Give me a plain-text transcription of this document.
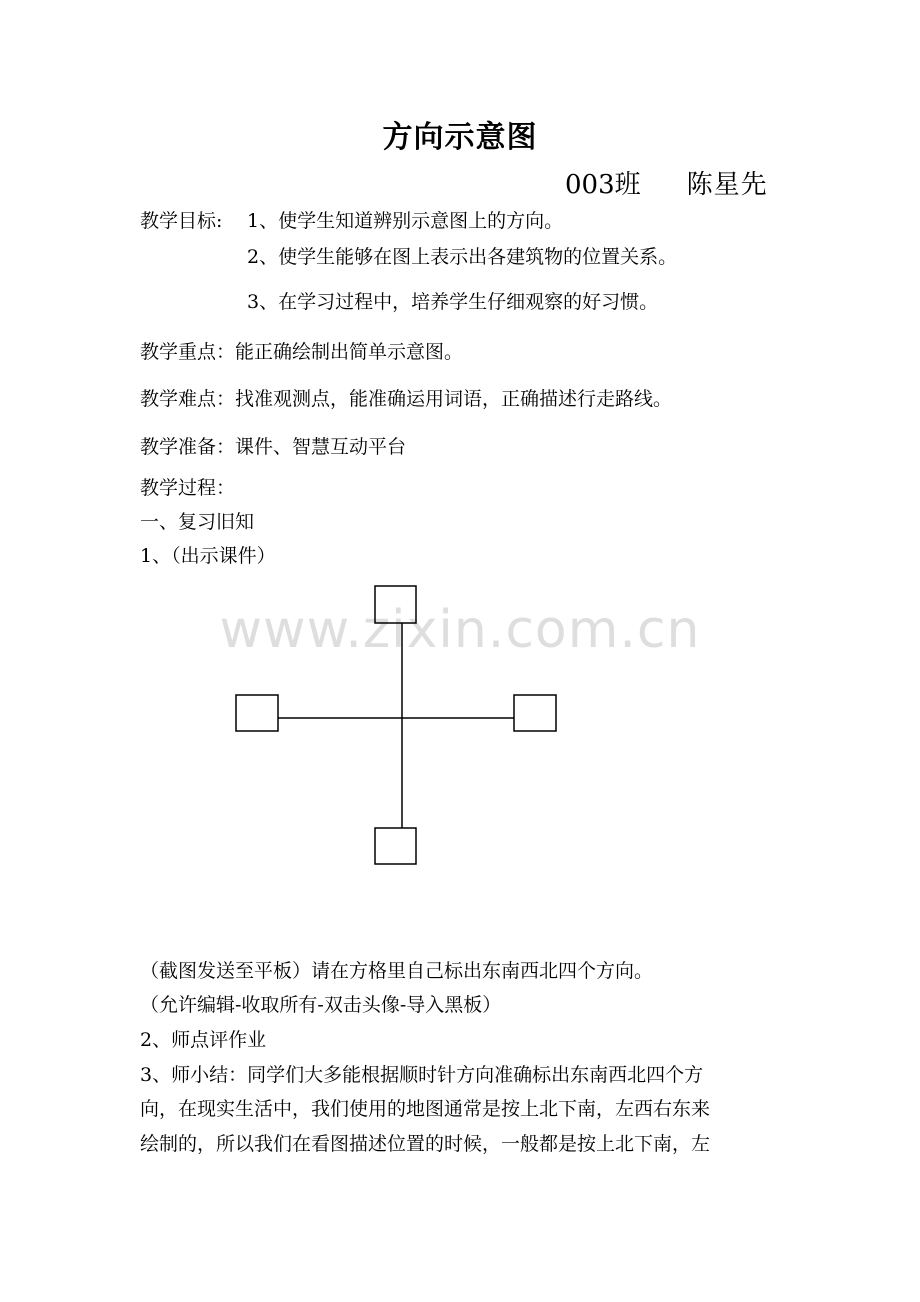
方向示意图
003班 陈星先
教学目标: 1、使学生知道辨别示意图上的方向。
2、使学生能够在图上表示出各建筑物的位置关系。
3、在学习过程中，培养学生仔细观察的好习惯。
教学重点：能正确绘制出简单示意图。
教学难点：找准观测点，能准确运用词语，正确描述行走路线。
教学准备：课件、智慧互动平台
教学过程：
一、复习旧知
1、（出示课件）
www.zixin.com.cn
（截图发送至平板）请在方格里自己标出东南西北四个方向。
（允许编辑-收取所有-双击头像-导入黑板）
2、师点评作业
3、师小结：同学们大多能根据顺时针方向准确标出东南西北四个方
向，在现实生活中，我们使用的地图通常是按上北下南，左西右东来
绘制的，所以我们在看图描述位置的时候，一般都是按上北下南，左
